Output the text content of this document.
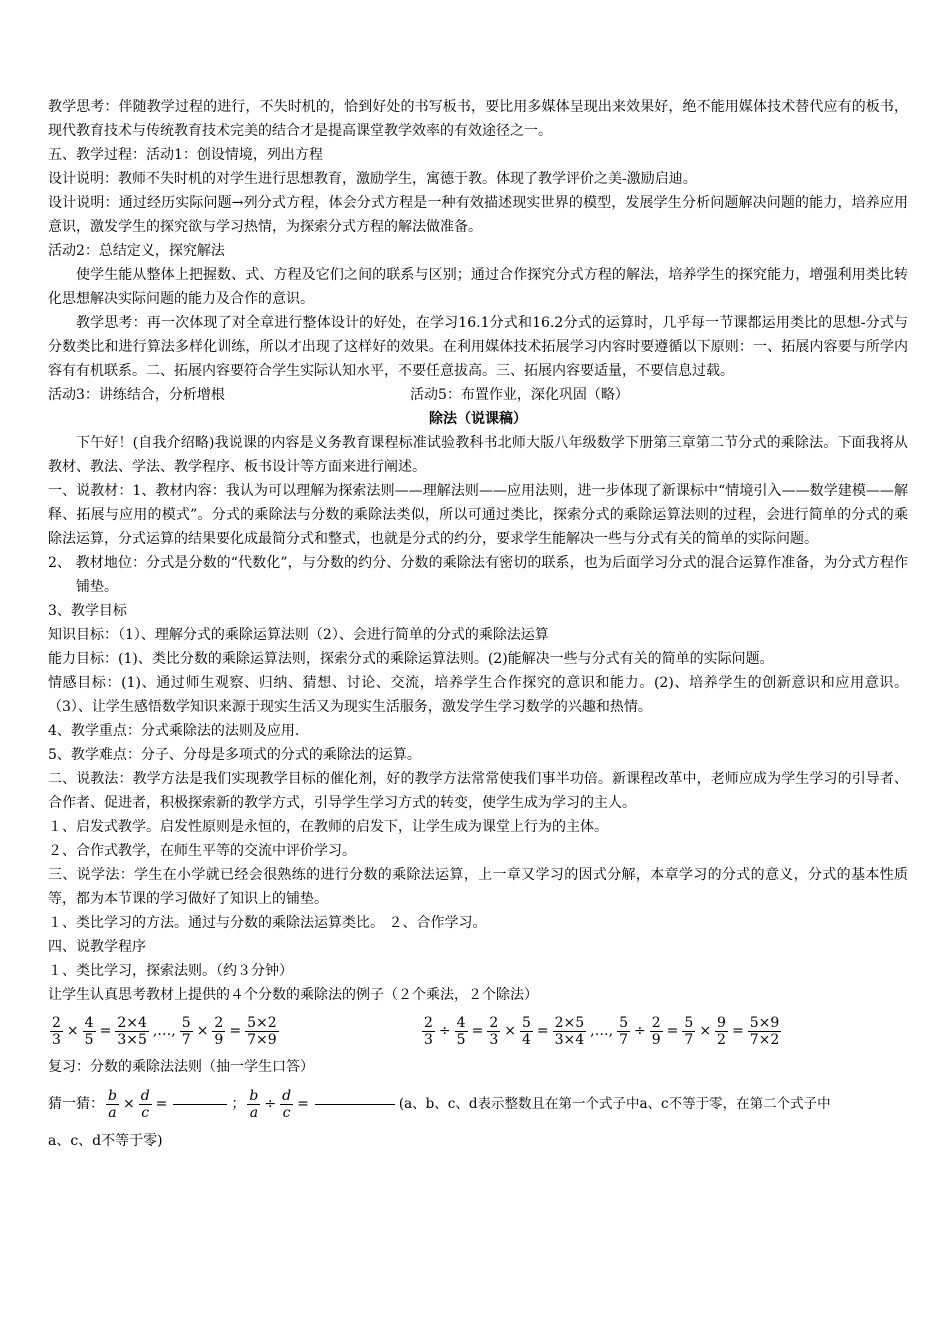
教学思考：伴随教学过程的进行，不失时机的，恰到好处的书写板书，要比用多媒体呈现出来效果好，绝不能用媒体技术替代应有的板书，现代教育技术与传统教育技术完美的结合才是提高课堂教学效率的有效途径之一。

五、教学过程：活动1：创设情境，列出方程

设计说明：教师不失时机的对学生进行思想教育，激励学生，寓德于教。体现了教学评价之美-激励启迪。

设计说明：通过经历实际问题→列分式方程，体会分式方程是一种有效描述现实世界的模型，发展学生分析问题解决问题的能力，培养应用意识，激发学生的探究欲与学习热情，为探索分式方程的解法做准备。

活动2：总结定义，探究解法

使学生能从整体上把握数、式、方程及它们之间的联系与区别；通过合作探究分式方程的解法，培养学生的探究能力，增强利用类比转化思想解决实际问题的能力及合作的意识。

教学思考：再一次体现了对全章进行整体设计的好处，在学习16.1分式和16.2分式的运算时，几乎每一节课都运用类比的思想-分式与分数类比和进行算法多样化训练，所以才出现了这样好的效果。在利用媒体技术拓展学习内容时要遵循以下原则：一、拓展内容要与所学内容有有机联系。二、拓展内容要符合学生实际认知水平，不要任意拔高。三、拓展内容要适量，不要信息过载。

活动3：讲练结合，分析增根	活动5：布置作业，深化巩固（略）

除法（说课稿）

下午好！(自我介绍略)我说课的内容是义务教育课程标准试验教科书北师大版八年级数学下册第三章第二节分式的乘除法。下面我将从教材、教法、学法、教学程序、板书设计等方面来进行阐述。

一、说教材：1、教材内容：我认为可以理解为探索法则——理解法则——应用法则，进一步体现了新课标中“情境引入——数学建模——解释、拓展与应用的模式”。分式的乘除法与分数的乘除法类似，所以可通过类比，探索分式的乘除运算法则的过程，会进行简单的分式的乘除法运算，分式运算的结果要化成最简分式和整式，也就是分式的约分，要求学生能解决一些与分式有关的简单的实际问题。

2、 教材地位：分式是分数的“代数化”，与分数的约分、分数的乘除法有密切的联系，也为后面学习分式的混合运算作准备，为分式方程作铺垫。

3、教学目标

知识目标：（1）、理解分式的乘除运算法则（2）、会进行简单的分式的乘除法运算

能力目标：(1)、类比分数的乘除运算法则，探索分式的乘除运算法则。(2)能解决一些与分式有关的简单的实际问题。

情感目标：(1)、通过师生观察、归纳、猜想、讨论、交流，培养学生合作探究的意识和能力。(2)、培养学生的创新意识和应用意识。（3）、让学生感悟数学知识来源于现实生活又为现实生活服务，激发学生学习数学的兴趣和热情。

4、教学重点：分式乘除法的法则及应用.

5、教学难点：分子、分母是多项式的分式的乘除法的运算。

二、说教法：教学方法是我们实现教学目标的催化剂，好的教学方法常常使我们事半功倍。新课程改革中，老师应成为学生学习的引导者、合作者、促进者，积极探索新的教学方式，引导学生学习方式的转变，使学生成为学习的主人。

１、启发式教学。启发性原则是永恒的，在教师的启发下，让学生成为课堂上行为的主体。

２、合作式教学，在师生平等的交流中评价学习。

三、说学法：学生在小学就已经会很熟练的进行分数的乘除法运算，上一章又学习的因式分解，本章学习的分式的意义，分式的基本性质等，都为本节课的学习做好了知识上的铺垫。

１、类比学习的方法。通过与分数的乘除法运算类比。 ２、合作学习。

四、说教学程序

１、类比学习，探索法则。（约３分钟）

让学生认真思考教材上提供的４个分数的乘除法的例子（２个乘法，２个除法）

$\frac{2}{3} \times \frac{4}{5} = \frac{2\times 4}{3\times 5}$ ,…, $\frac{5}{7} \times \frac{2}{9} = \frac{5\times 2}{7\times 9}$	$\frac{2}{3} \div \frac{4}{5} = \frac{2}{3} \times \frac{5}{4} = \frac{2\times 5}{3\times 4}$ ,…, $\frac{5}{7} \div \frac{2}{9} = \frac{5}{7} \times \frac{9}{2} = \frac{5\times 9}{7\times 2}$

复习：分数的乘除法法则（抽一学生口答）

猜一猜： $\frac{b}{a} \times \frac{d}{c}$ =	； $\frac{b}{a} \div \frac{d}{c}$ =	(a、b、c、d表示整数且在第一个式子中a、c不等于零，在第二个式子中

a、c、d不等于零)
